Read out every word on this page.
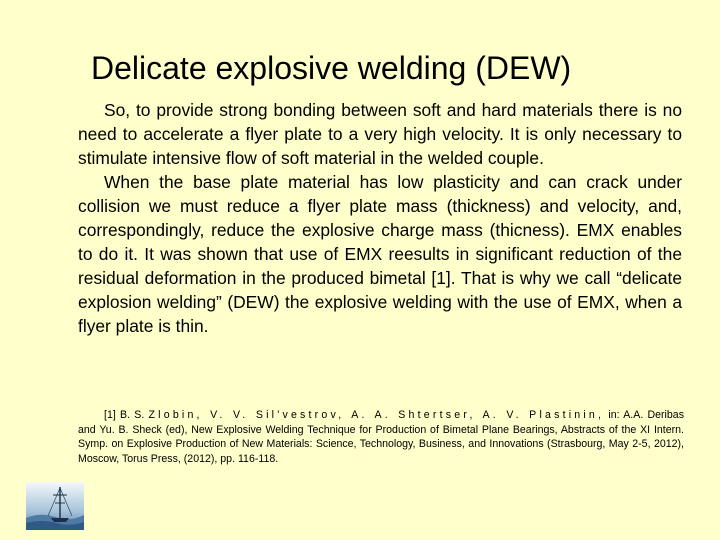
Delicate explosive welding (DEW)

So, to provide strong bonding between soft and hard materials there is no need to accelerate a flyer plate to a very high velocity. It is only necessary to stimulate intensive flow of soft material in the welded couple.

When the base plate material has low plasticity and can crack under collision we must reduce a flyer plate mass (thickness) and velocity, and, correspondingly, reduce the explosive charge mass (thicness). EMX enables to do it. It was shown that use of EMX reesults in significant reduction of the residual deformation in the produced bimetal [1]. That is why we call “delicate explosion welding” (DEW) the explosive welding with the use of EMX, when a flyer plate is thin.

[1] B. S. Zlobin, V. V. Sil'vestrov, A. A. Shtertser, A. V. Plastinin, in: A.A. Deribas and Yu. B. Sheck (ed), New Explosive Welding Technique for Production of Bimetal Plane Bearings, Abstracts of the XI Intern. Symp. on Explosive Production of New Materials: Science, Technology, Business, and Innovations (Strasbourg, May 2-5, 2012), Moscow, Torus Press, (2012), pp. 116-118.
